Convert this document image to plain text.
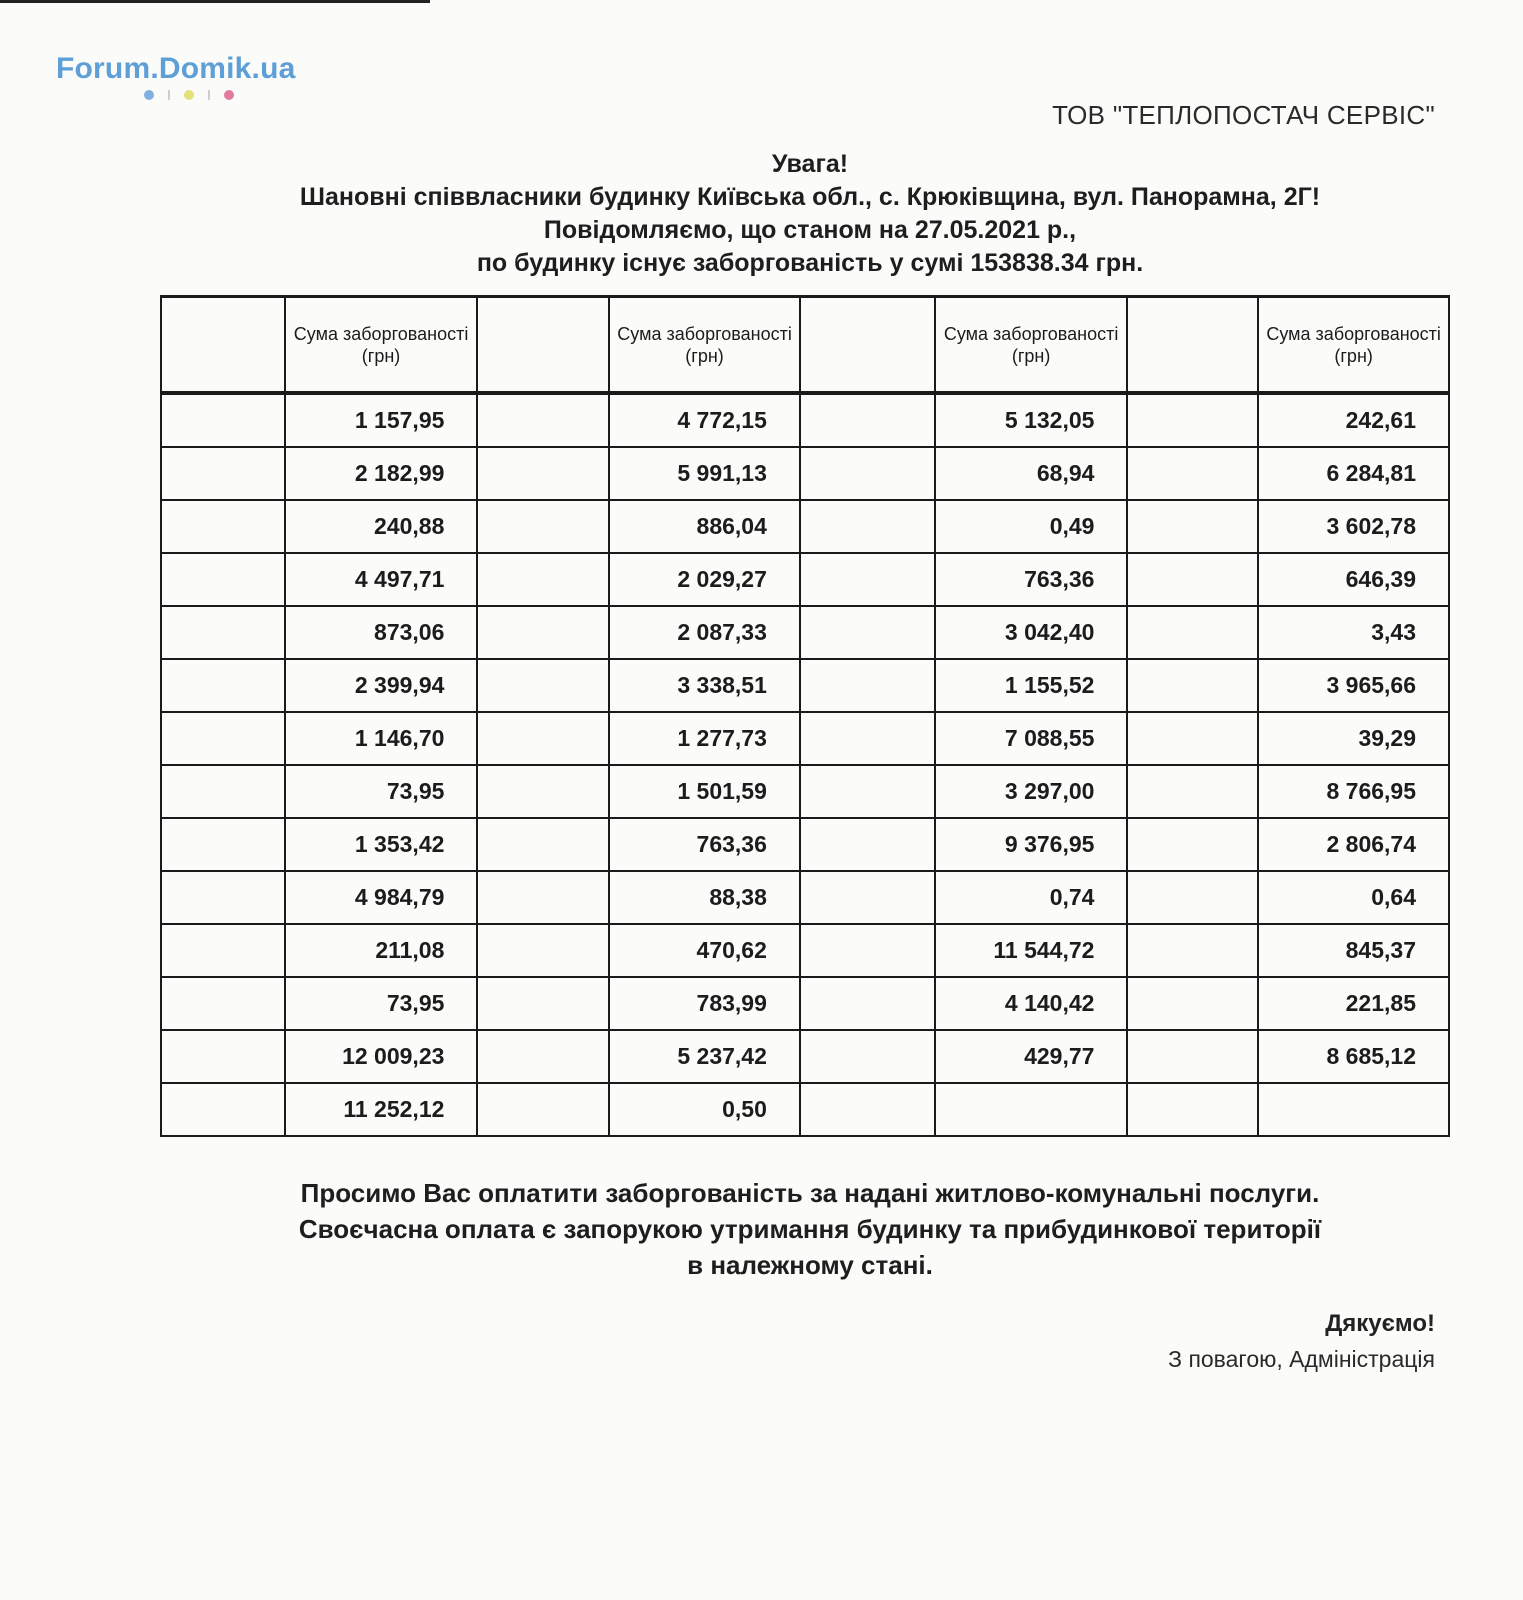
Forum.Domik.ua
ТОВ "ТЕПЛОПОСТАЧ СЕРВІС"
Увага!
Шановні співвласники будинку Київська обл., с. Крюківщина, вул. Панорамна, 2Г!
Повідомляємо, що станом на 27.05.2021 р.,
по будинку існує заборгованість у сумі 153838.34 грн.
	Сума заборгованості (грн)		Сума заборгованості (грн)		Сума заборгованості (грн)		Сума заборгованості (грн)
	1 157,95		4 772,15		5 132,05		242,61
	2 182,99		5 991,13		68,94		6 284,81
	240,88		886,04		0,49		3 602,78
	4 497,71		2 029,27		763,36		646,39
	873,06		2 087,33		3 042,40		3,43
	2 399,94		3 338,51		1 155,52		3 965,66
	1 146,70		1 277,73		7 088,55		39,29
	73,95		1 501,59		3 297,00		8 766,95
	1 353,42		763,36		9 376,95		2 806,74
	4 984,79		88,38		0,74		0,64
	211,08		470,62		11 544,72		845,37
	73,95		783,99		4 140,42		221,85
	12 009,23		5 237,42		429,77		8 685,12
	11 252,12		0,50				
Просимо Вас оплатити заборгованість за надані житлово-комунальні послуги.
Своєчасна оплата є запорукою утримання будинку та прибудинкової території
в належному стані.
Дякуємо!
З повагою, Адміністрація
